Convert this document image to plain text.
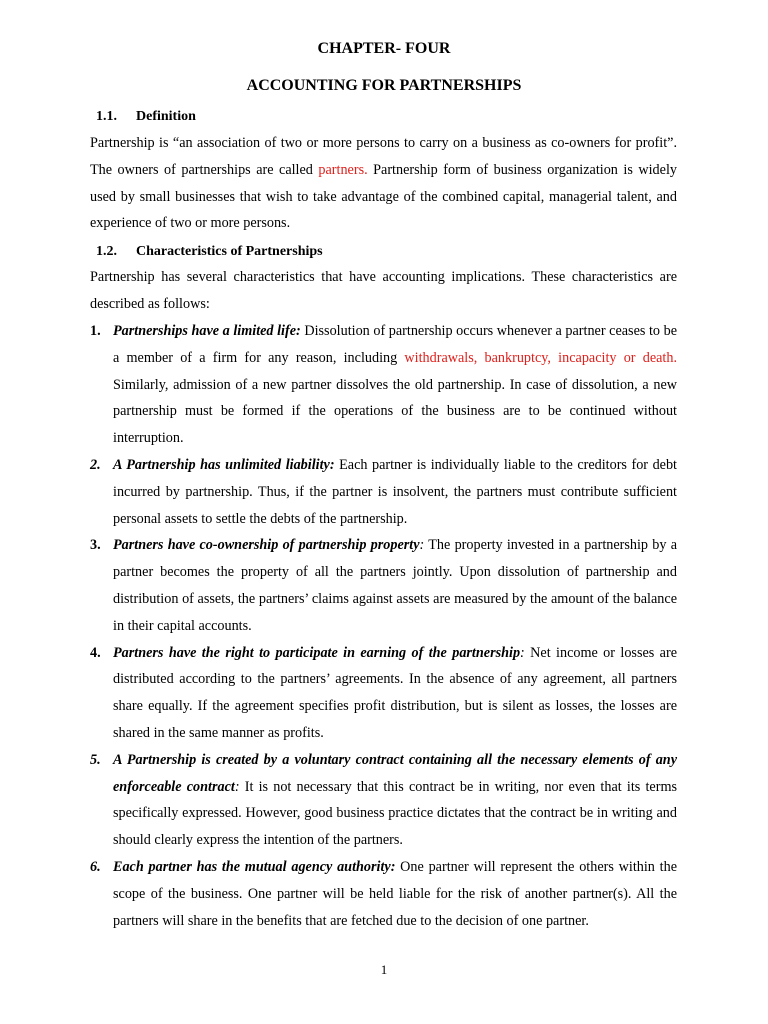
CHAPTER- FOUR
ACCOUNTING FOR PARTNERSHIPS
1.1. Definition

Partnership is “an association of two or more persons to carry on a business as co-owners for profit”. The owners of partnerships are called partners. Partnership form of business organization is widely used by small businesses that wish to take advantage of the combined capital, managerial talent, and experience of two or more persons.

1.2. Characteristics of Partnerships

Partnership has several characteristics that have accounting implications. These characteristics are described as follows:

1. Partnerships have a limited life: Dissolution of partnership occurs whenever a partner ceases to be a member of a firm for any reason, including withdrawals, bankruptcy, incapacity or death. Similarly, admission of a new partner dissolves the old partnership. In case of dissolution, a new partnership must be formed if the operations of the business are to be continued without interruption.
2. A Partnership has unlimited liability: Each partner is individually liable to the creditors for debt incurred by partnership. Thus, if the partner is insolvent, the partners must contribute sufficient personal assets to settle the debts of the partnership.
3. Partners have co-ownership of partnership property: The property invested in a partnership by a partner becomes the property of all the partners jointly. Upon dissolution of partnership and distribution of assets, the partners’ claims against assets are measured by the amount of the balance in their capital accounts.
4. Partners have the right to participate in earning of the partnership: Net income or losses are distributed according to the partners’ agreements. In the absence of any agreement, all partners share equally. If the agreement specifies profit distribution, but is silent as losses, the losses are shared in the same manner as profits.
5. A Partnership is created by a voluntary contract containing all the necessary elements of any enforceable contract: It is not necessary that this contract be in writing, nor even that its terms specifically expressed. However, good business practice dictates that the contract be in writing and should clearly express the intention of the partners.
6. Each partner has the mutual agency authority: One partner will represent the others within the scope of the business. One partner will be held liable for the risk of another partner(s). All the partners will share in the benefits that are fetched due to the decision of one partner.
1
